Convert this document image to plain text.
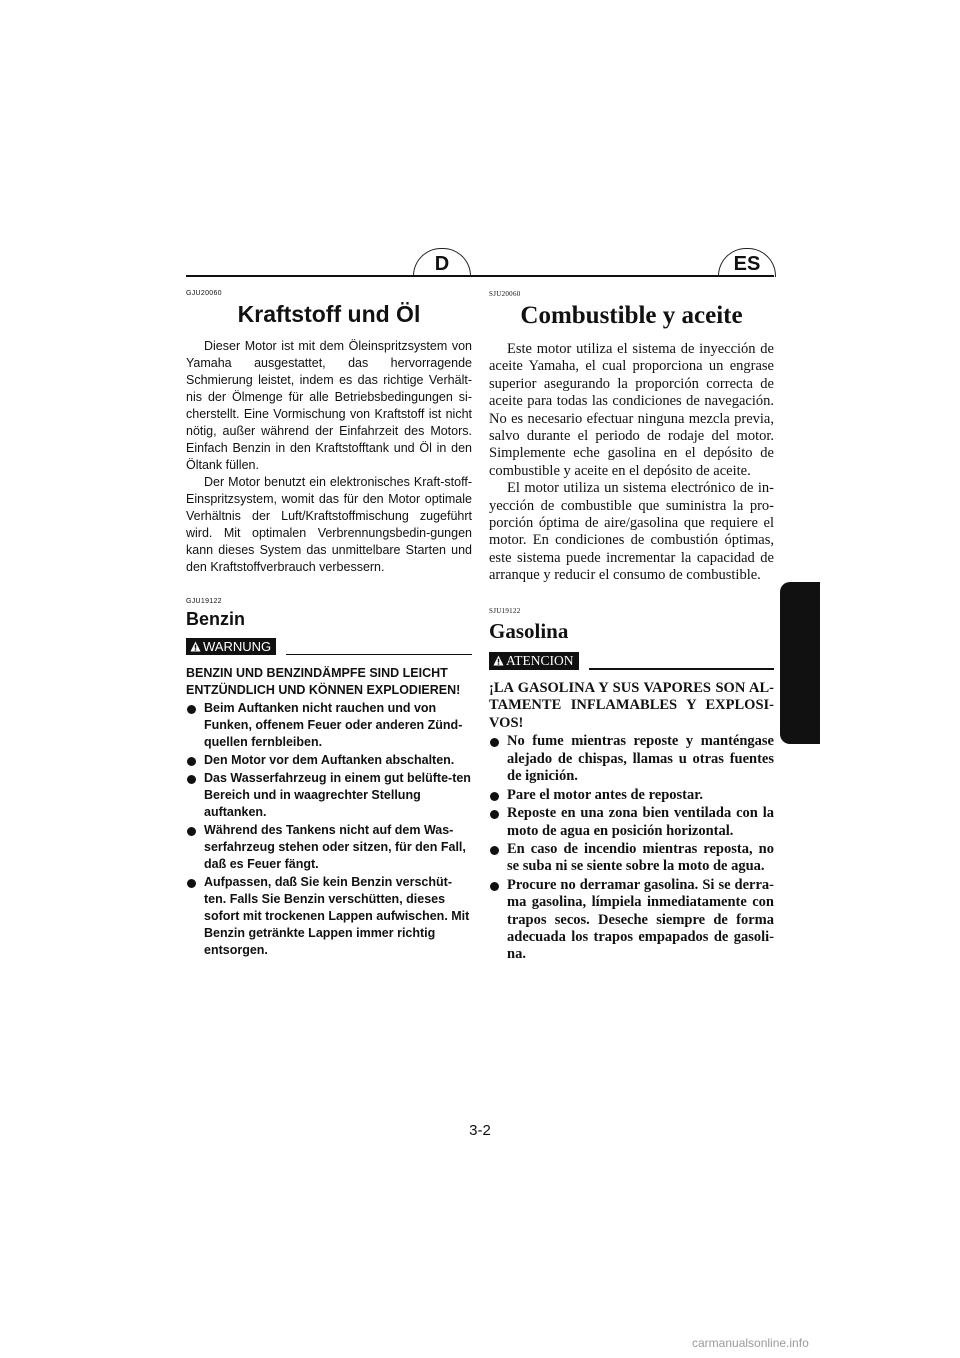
D	ES

GJU20060

Kraftstoff und Öl

Dieser Motor ist mit dem Öleinspritzsystem von Yamaha ausgestattet, das hervorragende Schmierung leistet, indem es das richtige Verhält-nis der Ölmenge für alle Betriebsbedingungen si-cherstellt. Eine Vormischung von Kraftstoff ist nicht nötig, außer während der Einfahrzeit des Motors. Einfach Benzin in den Kraftstofftank und Öl in den Öltank füllen.

Der Motor benutzt ein elektronisches Kraft-stoff-Einspritzsystem, womit das für den Motor optimale Verhältnis der Luft/Kraftstoffmischung zugeführt wird. Mit optimalen Verbrennungsbedin-gungen kann dieses System das unmittelbare Starten und den Kraftstoffverbrauch verbessern.

GJU19122

Benzin

WARNUNG

BENZIN UND BENZINDÄMPFE SIND LEICHT ENTZÜNDLICH UND KÖNNEN EXPLODIEREN!

Beim Auftanken nicht rauchen und von Funken, offenem Feuer oder anderen Zünd-quellen fernbleiben.
Den Motor vor dem Auftanken abschalten.
Das Wasserfahrzeug in einem gut belüfte-ten Bereich und in waagrechter Stellung auftanken.
Während des Tankens nicht auf dem Was-serfahrzeug stehen oder sitzen, für den Fall, daß es Feuer fängt.
Aufpassen, daß Sie kein Benzin verschüt-ten. Falls Sie Benzin verschütten, dieses sofort mit trockenen Lappen aufwischen. Mit Benzin getränkte Lappen immer richtig entsorgen.

SJU20060

Combustible y aceite

Este motor utiliza el sistema de inyección de aceite Yamaha, el cual proporciona un engrase superior asegurando la proporción correcta de aceite para todas las condiciones de navegación. No es necesario efectuar ninguna mezcla previa, salvo durante el periodo de rodaje del motor. Simplemente eche gasolina en el depósito de combustible y aceite en el depósito de aceite.

El motor utiliza un sistema electrónico de in-yección de combustible que suministra la pro-porción óptima de aire/gasolina que requiere el motor. En condiciones de combustión óptimas, este sistema puede incrementar la capacidad de arranque y reducir el consumo de combustible.

SJU19122

Gasolina

ATENCION

¡LA GASOLINA Y SUS VAPORES SON AL-TAMENTE INFLAMABLES Y EXPLOSI-VOS!

No fume mientras reposte y manténgase alejado de chispas, llamas u otras fuentes de ignición.
Pare el motor antes de repostar.
Reposte en una zona bien ventilada con la moto de agua en posición horizontal.
En caso de incendio mientras reposta, no se suba ni se siente sobre la moto de agua.
Procure no derramar gasolina. Si se derra-ma gasolina, límpiela inmediatamente con trapos secos. Deseche siempre de forma adecuada los trapos empapados de gasoli-na.
3-2
carmanualsonline.info
